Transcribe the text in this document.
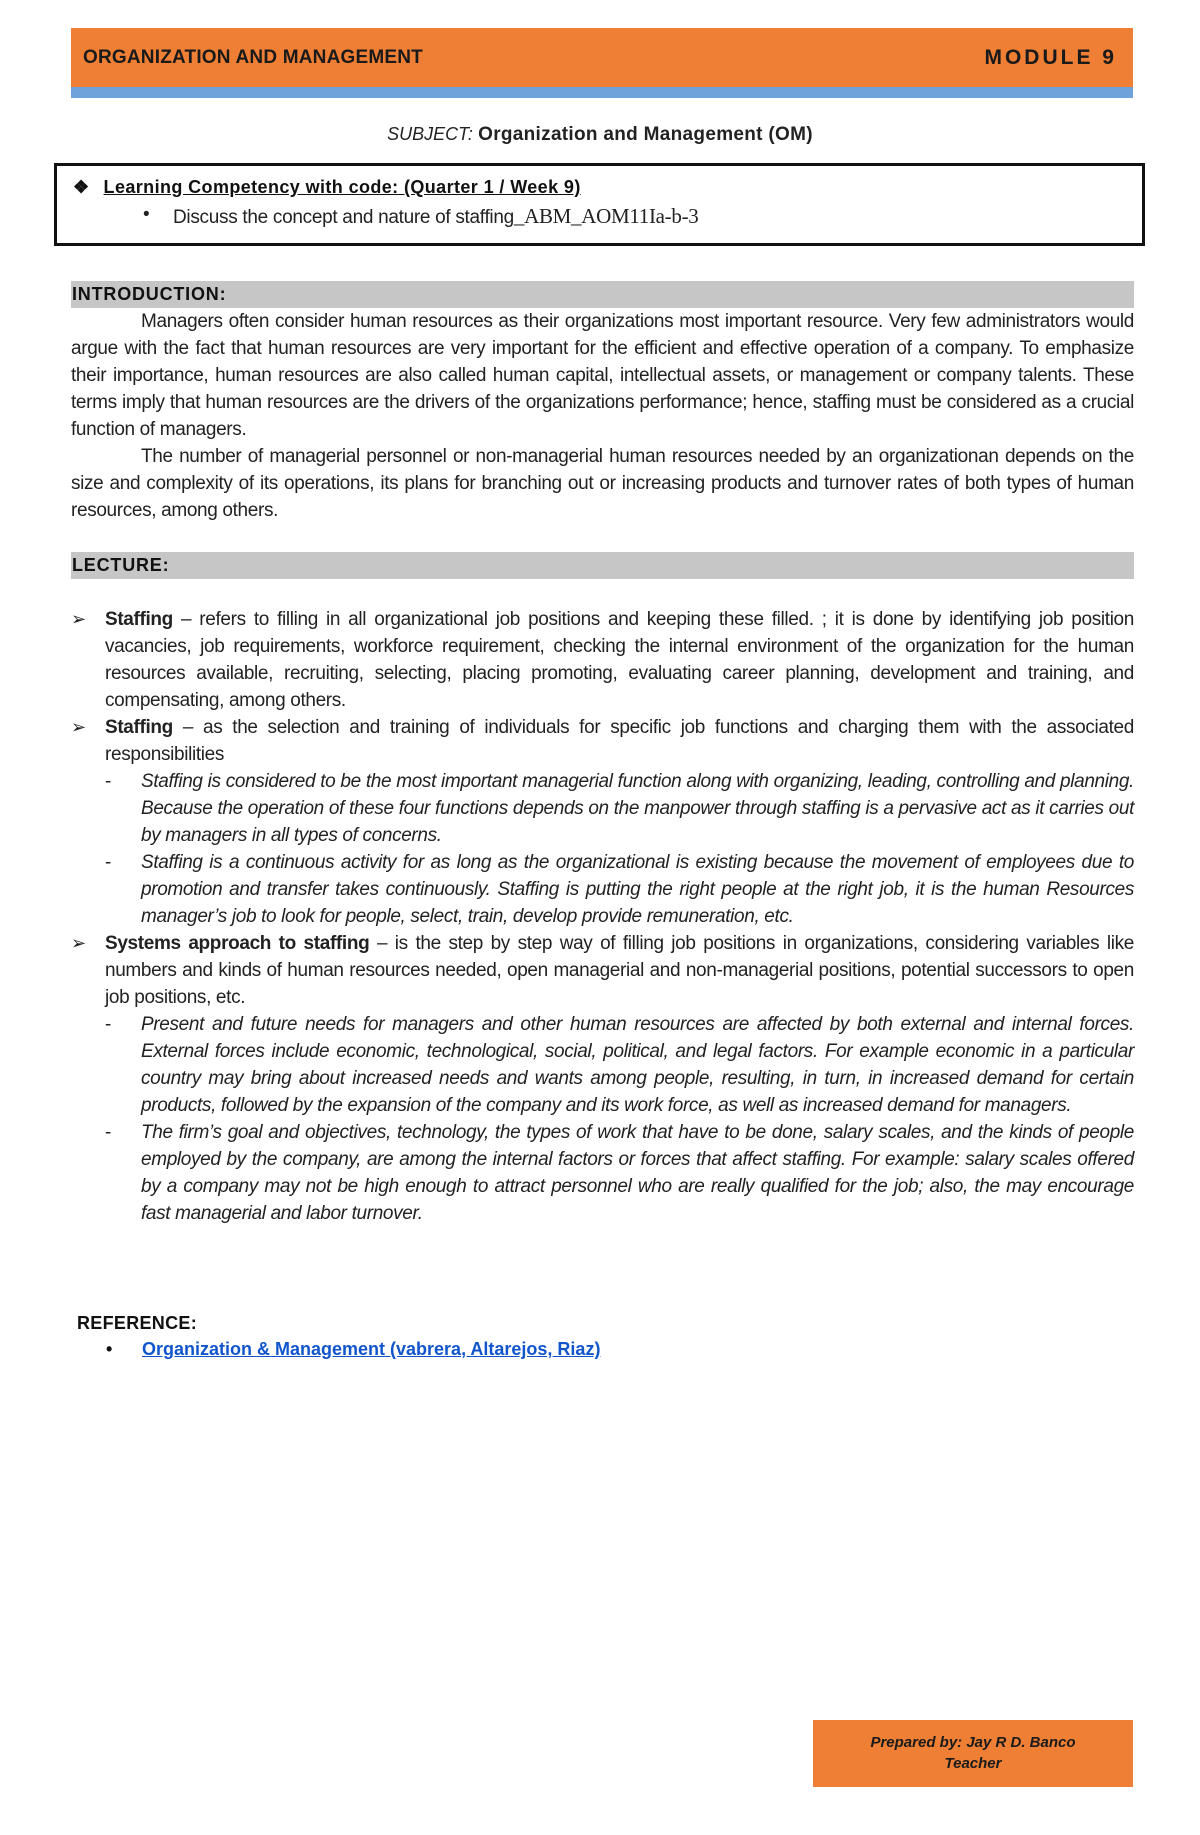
ORGANIZATION AND MANAGEMENT	MODULE 9
SUBJECT: Organization and Management (OM)
❖ Learning Competency with code: (Quarter 1 / Week 9)
• Discuss the concept and nature of staffing_ABM_AOM11Ia-b-3
INTRODUCTION:

Managers often consider human resources as their organizations most important resource. Very few administrators would argue with the fact that human resources are very important for the efficient and effective operation of a company. To emphasize their importance, human resources are also called human capital, intellectual assets, or management or company talents. These terms imply that human resources are the drivers of the organizations performance; hence, staffing must be considered as a crucial function of managers.

The number of managerial personnel or non-managerial human resources needed by an organizationan depends on the size and complexity of its operations, its plans for branching out or increasing products and turnover rates of both types of human resources, among others.

LECTURE:
➢ Staffing – refers to filling in all organizational job positions and keeping these filled. ; it is done by identifying job position vacancies, job requirements, workforce requirement, checking the internal environment of the organization for the human resources available, recruiting, selecting, placing promoting, evaluating career planning, development and training, and compensating, among others.
➢ Staffing – as the selection and training of individuals for specific job functions and charging them with the associated responsibilities
- Staffing is considered to be the most important managerial function along with organizing, leading, controlling and planning. Because the operation of these four functions depends on the manpower through staffing is a pervasive act as it carries out by managers in all types of concerns.
- Staffing is a continuous activity for as long as the organizational is existing because the movement of employees due to promotion and transfer takes continuously. Staffing is putting the right people at the right job, it is the human Resources manager’s job to look for people, select, train, develop provide remuneration, etc.
➢ Systems approach to staffing – is the step by step way of filling job positions in organizations, considering variables like numbers and kinds of human resources needed, open managerial and non-managerial positions, potential successors to open job positions, etc.
- Present and future needs for managers and other human resources are affected by both external and internal forces. External forces include economic, technological, social, political, and legal factors. For example economic in a particular country may bring about increased needs and wants among people, resulting, in turn, in increased demand for certain products, followed by the expansion of the company and its work force, as well as increased demand for managers.
- The firm’s goal and objectives, technology, the types of work that have to be done, salary scales, and the kinds of people employed by the company, are among the internal factors or forces that affect staffing. For example: salary scales offered by a company may not be high enough to attract personnel who are really qualified for the job; also, the may encourage fast managerial and labor turnover.
REFERENCE:
• Organization & Management (vabrera, Altarejos, Riaz)
Prepared by: Jay R D. Banco
Teacher
